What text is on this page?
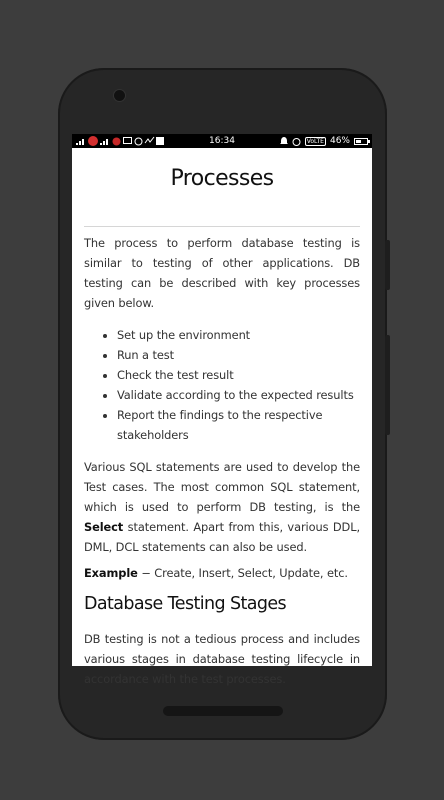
16:34	VoLTE 46%
Processes

The process to perform database testing is similar to testing of other applications. DB testing can be described with key processes given below.

• Set up the environment
• Run a test
• Check the test result
• Validate according to the expected results
• Report the findings to the respective stakeholders

Various SQL statements are used to develop the Test cases. The most common SQL statement, which is used to perform DB testing, is the Select statement. Apart from this, various DDL, DML, DCL statements can also be used.

Example − Create, Insert, Select, Update, etc.

Database Testing Stages

DB testing is not a tedious process and includes various stages in database testing lifecycle in accordance with the test processes.
